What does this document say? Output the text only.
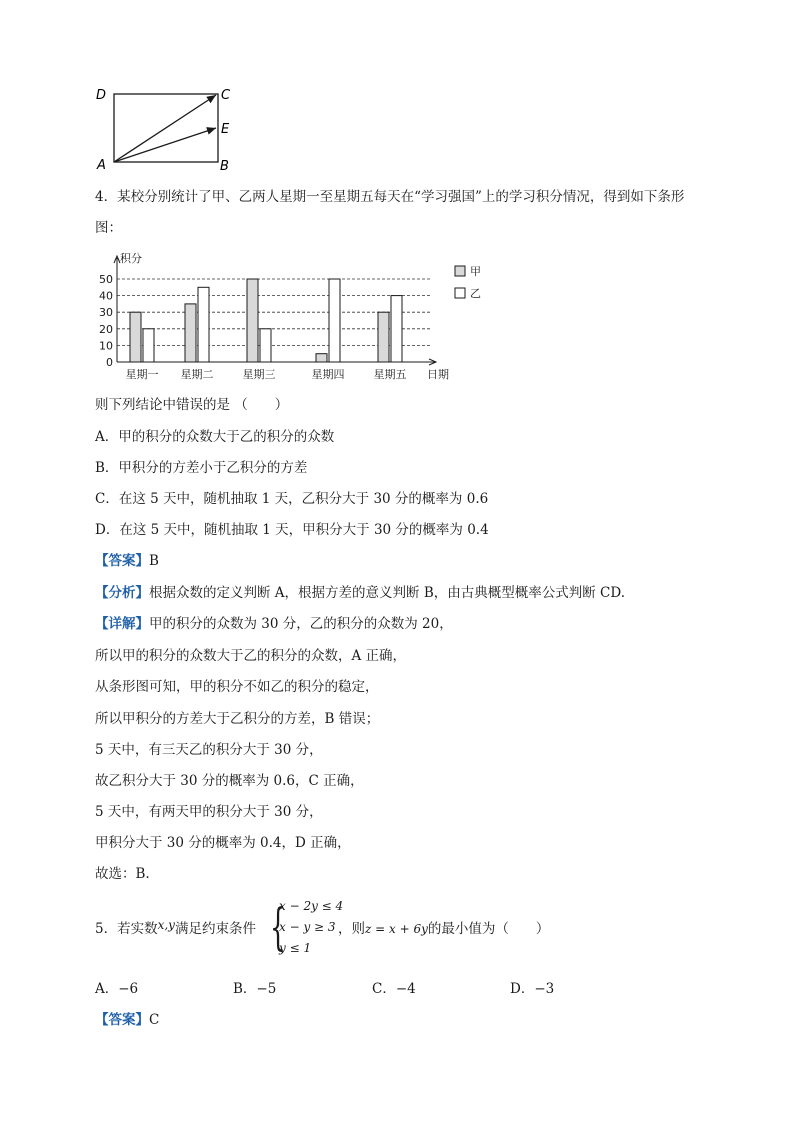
D	C
E
A	B
4．某校分别统计了甲、乙两人星期一至星期五每天在“学习强国”上的学习积分情况，得到如下条形
图：
0
10
20
30
40
50
积分
日期
星期一 星期二	星期三	星期四	星期五
甲
乙
则下列结论中错误的是 （　　）
A．甲的积分的众数大于乙的积分的众数
B．甲积分的方差小于乙积分的方差
C．在这 5 天中，随机抽取 1 天，乙积分大于 30 分的概率为 0.6
D．在这 5 天中，随机抽取 1 天，甲积分大于 30 分的概率为 0.4
【答案】B
【分析】根据众数的定义判断 A，根据方差的意义判断 B，由古典概型概率公式判断 CD.
【详解】甲的积分的众数为 30 分，乙的积分的众数为 20，
所以甲的积分的众数大于乙的积分的众数，A 正确，
从条形图可知，甲的积分不如乙的积分的稳定，
所以甲积分的方差大于乙积分的方差，B 错误；
5 天中，有三天乙的积分大于 30 分，
故乙积分大于 30 分的概率为 0.6，C 正确，
5 天中，有两天甲的积分大于 30 分，
甲积分大于 30 分的概率为 0.4，D 正确，
故选：B.
5．若实数x,y满足约束条件 {
x − 2y ≤ 4
x − y ≥ 3
y ≤ 1
，则z = x + 6y的最小值为（　　）
A．−6	B．−5	C．−4	D．−3
【答案】C
